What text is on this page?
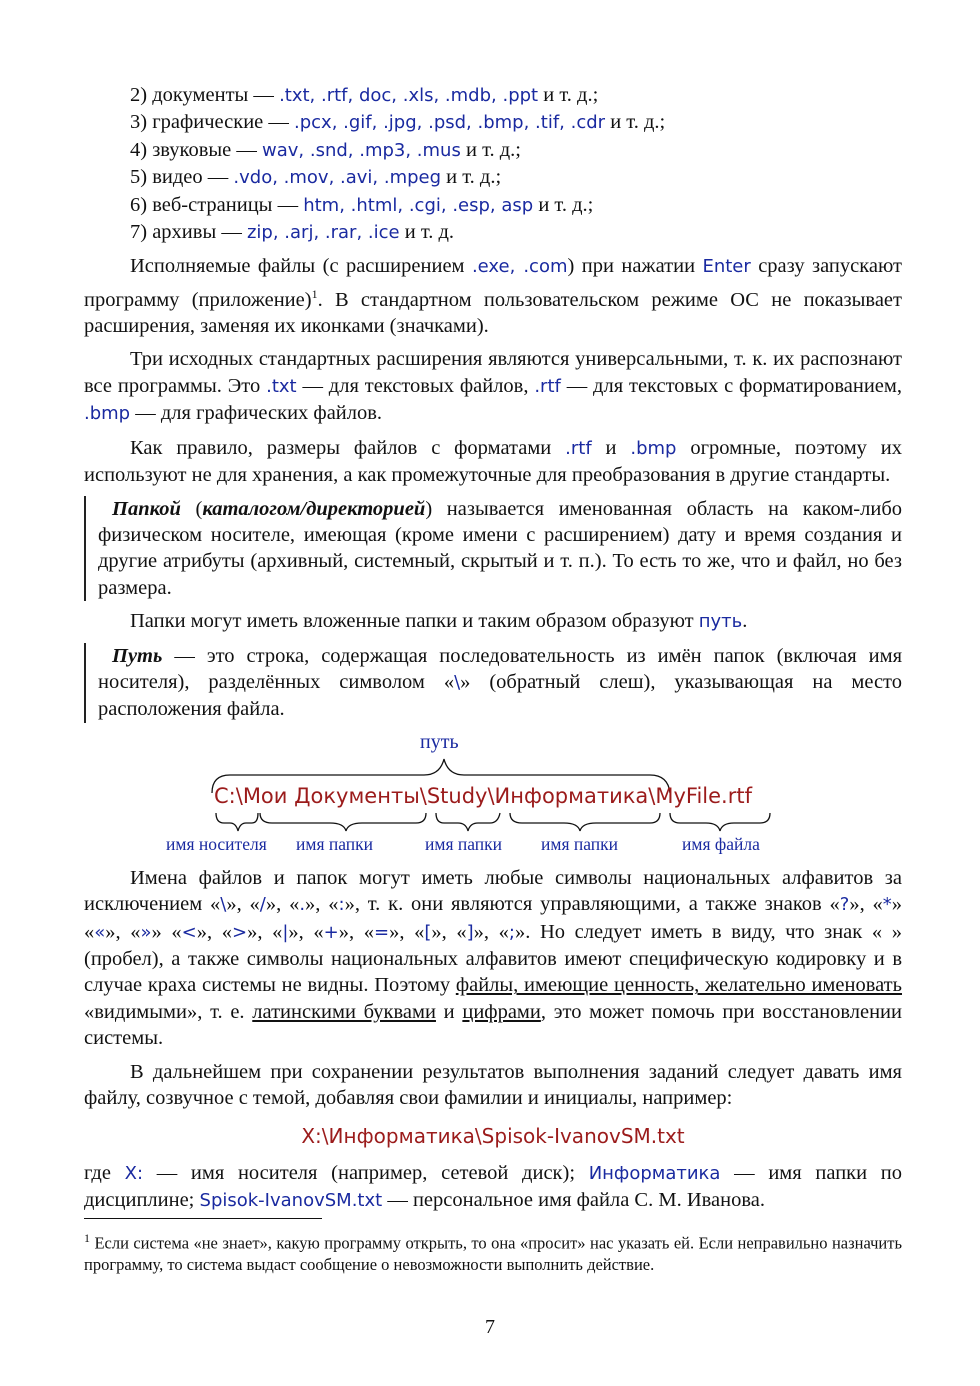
2) документы — .txt, .rtf, doc, .xls, .mdb, .ppt и т. д.;
3) графические — .pcx, .gif, .jpg, .psd, .bmp, .tif, .cdr и т. д.;
4) звуковые — wav, .snd, .mp3, .mus и т. д.;
5) видео — .vdo, .mov, .avi, .mpeg и т. д.;
6) веб-страницы — htm, .html, .cgi, .esp, asp и т. д.;
7) архивы — zip, .arj, .rar, .ice и т. д.

Исполняемые файлы (с расширением .exe, .com) при нажатии Enter сразу запускают программу (приложение)$^1$. В стандартном пользовательском режиме ОС не показывает расширения, заменяя их иконками (значками).

Три исходных стандартных расширения являются универсальными, т. к. их распознают все программы. Это .txt — для текстовых файлов, .rtf — для текстовых с форматированием, .bmp — для графических файлов.

Как правило, размеры файлов с форматами .rtf и .bmp огромные, поэтому их используют не для хранения, а как промежуточные для преобразования в другие стандарты.

Папкой (каталогом/директорией) называется именованная область на каком-либо физическом носителе, имеющая (кроме имени с расширением) дату и время создания и другие атрибуты (архивный, системный, скрытый и т. п.). То есть то же, что и файл, но без размера.

Папки могут иметь вложенные папки и таким образом образуют путь.

Путь — это строка, содержащая последовательность из имён папок (включая имя носителя), разделённых символом «\» (обратный слеш), указывающая на место расположения файла.
путь
C:\Мои Документы\Study\Информатика\MyFile.rtf
имя носителя имя папки	имя папки имя папки	имя файла

Имена файлов и папок могут иметь любые символы национальных алфавитов за исключением «\», «/», «.», «:», т. к. они являются управляющими, а также знаков «?», «*» ««», «»» «<», «>», «|», «+», «=», «[», «]», «;». Но следует иметь в виду, что знак « » (пробел), а также символы национальных алфавитов имеют специфическую кодировку и в случае краха системы не видны. Поэтому файлы, имеющие ценность, желательно именовать «видимыми», т. е. латинскими буквами и цифрами, это может помочь при восстановлении системы.

В дальнейшем при сохранении результатов выполнения заданий следует давать имя файлу, созвучное с темой, добавляя свои фамилии и инициалы, например:

X:\Информатика\Spisok-IvanovSM.txt

где X: — имя носителя (например, сетевой диск); Информатика — имя папки по дисциплине; Spisok-IvanovSM.txt — персональное имя файла С. М. Иванова.

$^1$ Если система «не знает», какую программу открыть, то она «просит» нас указать ей. Если неправильно назначить программу, то система выдаст сообщение о невозможности выполнить действие.
7
